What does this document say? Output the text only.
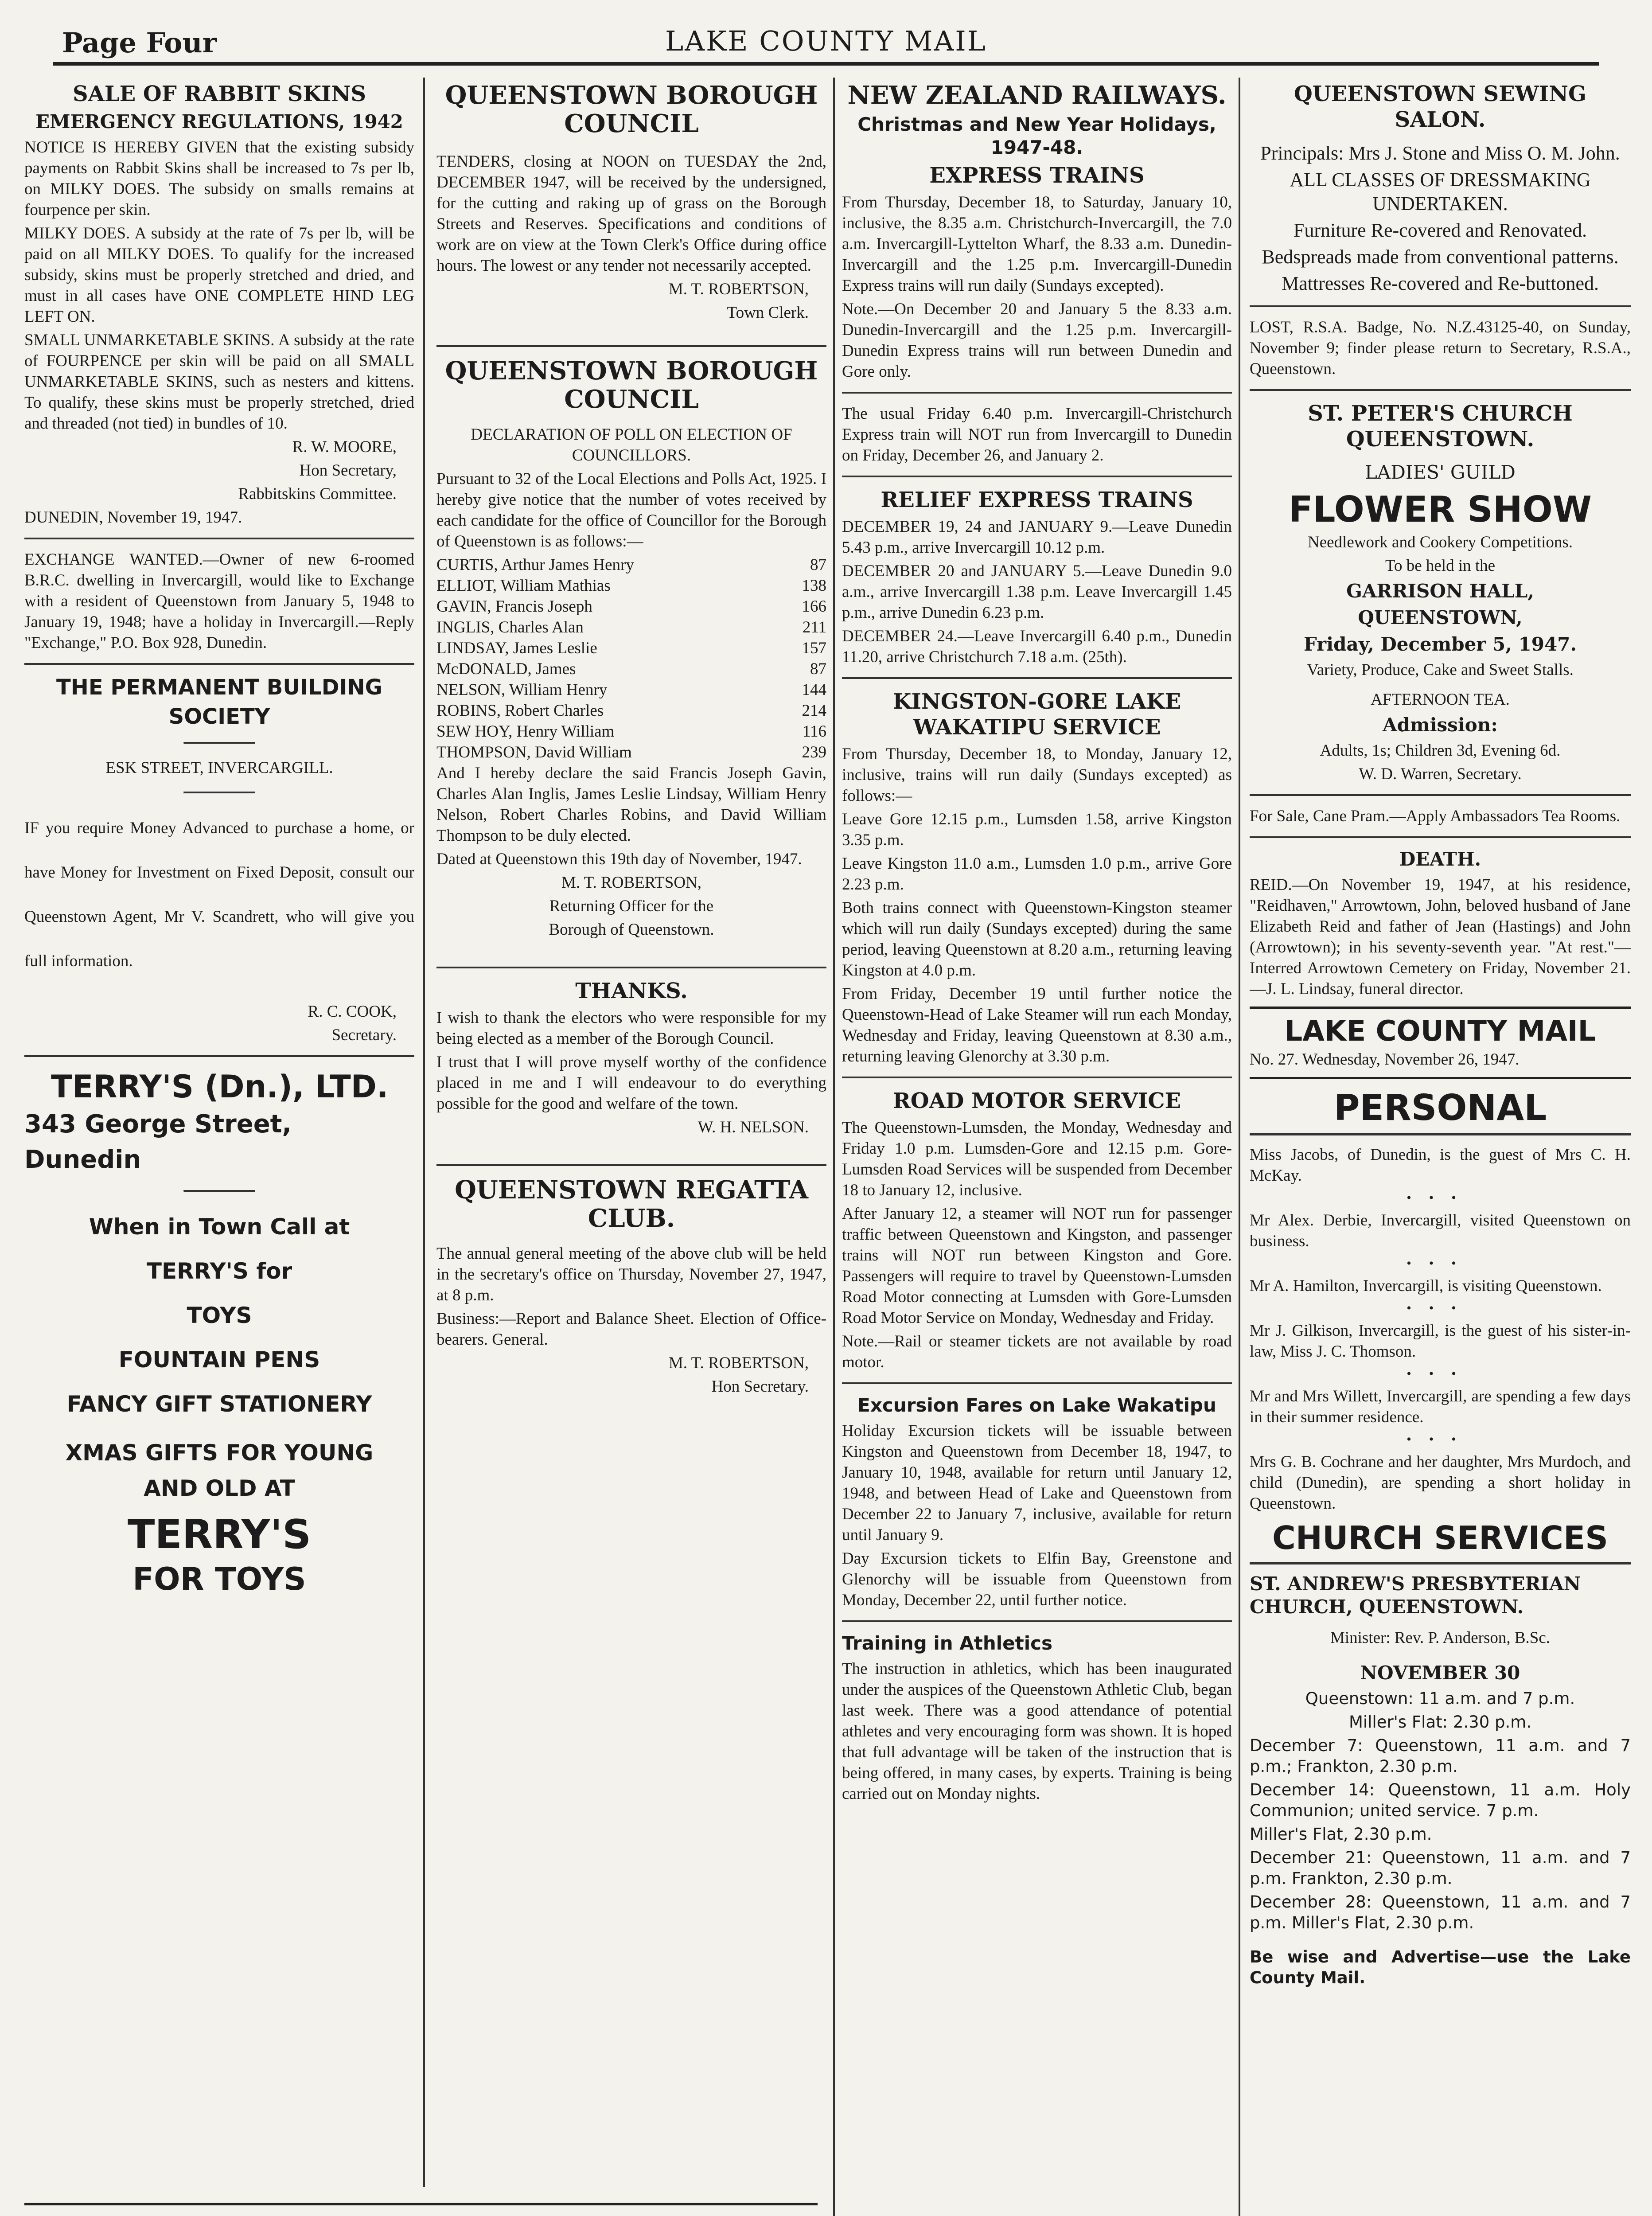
Page Four	LAKE COUNTY MAIL
SALE OF RABBIT SKINS
EMERGENCY REGULATIONS, 1942

NOTICE IS HEREBY GIVEN that the existing subsidy payments on Rabbit Skins shall be increased to 7s per lb, on MILKY DOES. The subsidy on smalls remains at fourpence per skin.

MILKY DOES. A subsidy at the rate of 7s per lb, will be paid on all MILKY DOES. To qualify for the increased subsidy, skins must be properly stretched and dried, and must in all cases have ONE COMPLETE HIND LEG LEFT ON.

SMALL UNMARKETABLE SKINS. A subsidy at the rate of FOURPENCE per skin will be paid on all SMALL UNMARKETABLE SKINS, such as nesters and kittens. To qualify, these skins must be properly stretched, dried and threaded (not tied) in bundles of 10.

R. W. MOORE,

Hon Secretary,

Rabbitskins Committee.

DUNEDIN, November 19, 1947.

EXCHANGE WANTED.—Owner of new 6-roomed B.R.C. dwelling in Invercargill, would like to Exchange with a resident of Queenstown from January 5, 1948 to January 19, 1948; have a holiday in Invercargill.—Reply "Exchange," P.O. Box 928, Dunedin.

THE PERMANENT BUILDING
SOCIETY

ESK STREET, INVERCARGILL.

IF you require Money Advanced to purchase a home, or have Money for Investment on Fixed Deposit, consult our Queenstown Agent, Mr V. Scandrett, who will give you full information.

R. C. COOK,

Secretary.

TERRY'S (Dn.), LTD.
343 George Street, Dunedin
When in Town Call at
TERRY'S for
TOYS
FOUNTAIN PENS
FANCY GIFT STATIONERY
XMAS GIFTS FOR YOUNG
AND OLD AT
TERRY'S
FOR TOYS
QUEENSTOWN BOROUGH COUNCIL

TENDERS, closing at NOON on TUESDAY the 2nd, DECEMBER 1947, will be received by the undersigned, for the cutting and raking up of grass on the Borough Streets and Reserves. Specifications and conditions of work are on view at the Town Clerk's Office during office hours. The lowest or any tender not necessarily accepted.

M. T. ROBERTSON,

Town Clerk.

QUEENSTOWN BOROUGH COUNCIL

DECLARATION OF POLL ON ELECTION OF COUNCILLORS.

Pursuant to 32 of the Local Elections and Polls Act, 1925. I hereby give notice that the number of votes received by each candidate for the office of Councillor for the Borough of Queenstown is as follows:—

CURTIS, Arthur James Henry	87
ELLIOT, William Mathias	138
GAVIN, Francis Joseph	166
INGLIS, Charles Alan	211
LINDSAY, James Leslie	157
McDONALD, James	87
NELSON, William Henry	144
ROBINS, Robert Charles	214
SEW HOY, Henry William	116
THOMPSON, David William	239

And I hereby declare the said Francis Joseph Gavin, Charles Alan Inglis, James Leslie Lindsay, William Henry Nelson, Robert Charles Robins, and David William Thompson to be duly elected.

Dated at Queenstown this 19th day of November, 1947.

M. T. ROBERTSON,

Returning Officer for the

Borough of Queenstown.

THANKS.

I wish to thank the electors who were responsible for my being elected as a member of the Borough Council.

I trust that I will prove myself worthy of the confidence placed in me and I will endeavour to do everything possible for the good and welfare of the town.

W. H. NELSON.

QUEENSTOWN REGATTA CLUB.

The annual general meeting of the above club will be held in the secretary's office on Thursday, November 27, 1947, at 8 p.m.

Business:—Report and Balance Sheet. Election of Office-bearers. General.

M. T. ROBERTSON,

Hon Secretary.

NEW ZEALAND RAILWAYS.
Christmas and New Year Holidays, 1947-48.
EXPRESS TRAINS

From Thursday, December 18, to Saturday, January 10, inclusive, the 8.35 a.m. Christchurch-Invercargill, the 7.0 a.m. Invercargill-Lyttelton Wharf, the 8.33 a.m. Dunedin-Invercargill and the 1.25 p.m. Invercargill-Dunedin Express trains will run daily (Sundays excepted).

Note.—On December 20 and January 5 the 8.33 a.m. Dunedin-Invercargill and the 1.25 p.m. Invercargill-Dunedin Express trains will run between Dunedin and Gore only.

The usual Friday 6.40 p.m. Invercargill-Christchurch Express train will NOT run from Invercargill to Dunedin on Friday, December 26, and January 2.

RELIEF EXPRESS TRAINS

DECEMBER 19, 24 and JANUARY 9.—Leave Dunedin 5.43 p.m., arrive Invercargill 10.12 p.m.

DECEMBER 20 and JANUARY 5.—Leave Dunedin 9.0 a.m., arrive Invercargill 1.38 p.m. Leave Invercargill 1.45 p.m., arrive Dunedin 6.23 p.m.

DECEMBER 24.—Leave Invercargill 6.40 p.m., Dunedin 11.20, arrive Christchurch 7.18 a.m. (25th).

KINGSTON-GORE LAKE WAKATIPU SERVICE

From Thursday, December 18, to Monday, January 12, inclusive, trains will run daily (Sundays excepted) as follows:—

Leave Gore 12.15 p.m., Lumsden 1.58, arrive Kingston 3.35 p.m.

Leave Kingston 11.0 a.m., Lumsden 1.0 p.m., arrive Gore 2.23 p.m.

Both trains connect with Queenstown-Kingston steamer which will run daily (Sundays excepted) during the same period, leaving Queenstown at 8.20 a.m., returning leaving Kingston at 4.0 p.m.

From Friday, December 19 until further notice the Queenstown-Head of Lake Steamer will run each Monday, Wednesday and Friday, leaving Queenstown at 8.30 a.m., returning leaving Glenorchy at 3.30 p.m.

ROAD MOTOR SERVICE

The Queenstown-Lumsden, the Monday, Wednesday and Friday 1.0 p.m. Lumsden-Gore and 12.15 p.m. Gore-Lumsden Road Services will be suspended from December 18 to January 12, inclusive.

After January 12, a steamer will NOT run for passenger traffic between Queenstown and Kingston, and passenger trains will NOT run between Kingston and Gore. Passengers will require to travel by Queenstown-Lumsden Road Motor connecting at Lumsden with Gore-Lumsden Road Motor Service on Monday, Wednesday and Friday.

Note.—Rail or steamer tickets are not available by road motor.

Excursion Fares on Lake Wakatipu

Holiday Excursion tickets will be issuable between Kingston and Queenstown from December 18, 1947, to January 10, 1948, available for return until January 12, 1948, and between Head of Lake and Queenstown from December 22 to January 7, inclusive, available for return until January 9.

Day Excursion tickets to Elfin Bay, Greenstone and Glenorchy will be issuable from Queenstown from Monday, December 22, until further notice.

Training in Athletics

The instruction in athletics, which has been inaugurated under the auspices of the Queenstown Athletic Club, began last week. There was a good attendance of potential athletes and very encouraging form was shown. It is hoped that full advantage will be taken of the instruction that is being offered, in many cases, by experts. Training is being carried out on Monday nights.

QUEENSTOWN SEWING SALON.

Principals: Mrs J. Stone and Miss O. M. John.

ALL CLASSES OF DRESSMAKING UNDERTAKEN.

Furniture Re-covered and Renovated.

Bedspreads made from conventional patterns.

Mattresses Re-covered and Re-buttoned.

LOST, R.S.A. Badge, No. N.Z.43125-40, on Sunday, November 9; finder please return to Secretary, R.S.A., Queenstown.

ST. PETER'S CHURCH QUEENSTOWN.
LADIES' GUILD
FLOWER SHOW

Needlework and Cookery Competitions.

To be held in the

GARRISON HALL,
QUEENSTOWN,
Friday, December 5, 1947.

Variety, Produce, Cake and Sweet Stalls.

AFTERNOON TEA.

Admission:

Adults, 1s; Children 3d, Evening 6d.

W. D. Warren, Secretary.

For Sale, Cane Pram.—Apply Ambassadors Tea Rooms.

DEATH.

REID.—On November 19, 1947, at his residence, "Reidhaven," Arrowtown, John, beloved husband of Jane Elizabeth Reid and father of Jean (Hastings) and John (Arrowtown); in his seventy-seventh year. "At rest."—Interred Arrowtown Cemetery on Friday, November 21.—J. L. Lindsay, funeral director.

LAKE COUNTY MAIL

No. 27. Wednesday, November 26, 1947.

PERSONAL

Miss Jacobs, of Dunedin, is the guest of Mrs C. H. McKay.

•••

Mr Alex. Derbie, Invercargill, visited Queenstown on business.

•••

Mr A. Hamilton, Invercargill, is visiting Queenstown.

•••

Mr J. Gilkison, Invercargill, is the guest of his sister-in-law, Miss J. C. Thomson.

•••

Mr and Mrs Willett, Invercargill, are spending a few days in their summer residence.

•••

Mrs G. B. Cochrane and her daughter, Mrs Murdoch, and child (Dunedin), are spending a short holiday in Queenstown.

CHURCH SERVICES
ST. ANDREW'S PRESBYTERIAN CHURCH, QUEENSTOWN.

Minister: Rev. P. Anderson, B.Sc.

NOVEMBER 30

Queenstown: 11 a.m. and 7 p.m.

Miller's Flat: 2.30 p.m.

December 7: Queenstown, 11 a.m. and 7 p.m.; Frankton, 2.30 p.m.

December 14: Queenstown, 11 a.m. Holy Communion; united service. 7 p.m.

Miller's Flat, 2.30 p.m.

December 21: Queenstown, 11 a.m. and 7 p.m. Frankton, 2.30 p.m.

December 28: Queenstown, 11 a.m. and 7 p.m. Miller's Flat, 2.30 p.m.

Be wise and Advertise—use the Lake County Mail.
